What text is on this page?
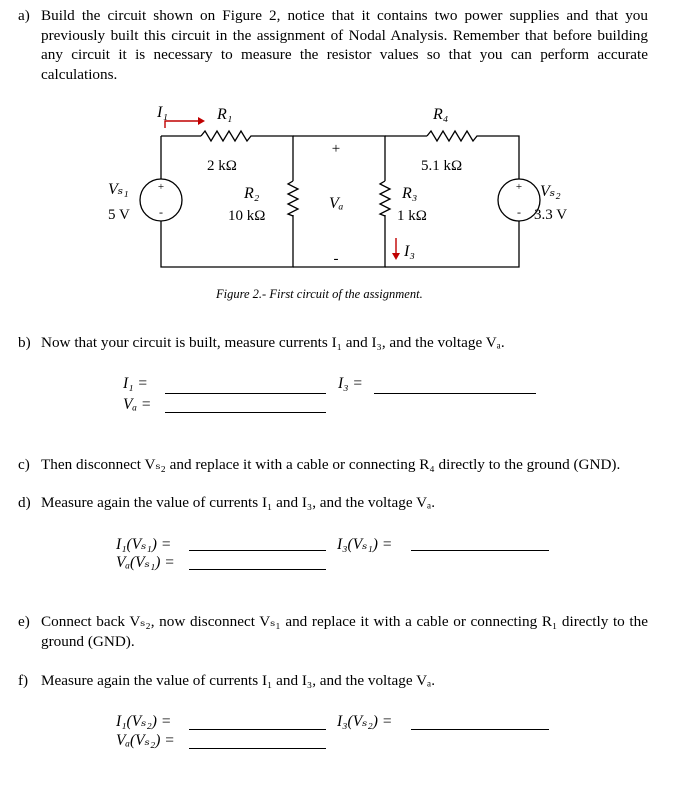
a) Build the circuit shown on Figure 2, notice that it contains two power supplies and that you previously built this circuit in the assignment of Nodal Analysis. Remember that before building any circuit it is necessary to measure the resistor values so that you can perform accurate calculations.
+
-
+
-
I₁	R₁
2 kΩ
R₄
5.1 kΩ
Vₛ₁
5 V
R₂
10 kΩ
+
Vₐ
-
R₃
1 kΩ
I₃
Vₛ₂
3.3 V
Figure 2.- First circuit of the assignment.
b) Now that your circuit is built, measure currents I₁ and I₃, and the voltage Vₐ.
I₁ =	I₃ =
Vₐ =
c) Then disconnect Vₛ₂ and replace it with a cable or connecting R₄ directly to the ground (GND).
d) Measure again the value of currents I₁ and I₃, and the voltage Vₐ.
I₁(Vₛ₁) =	I₃(Vₛ₁) =
Vₐ(Vₛ₁) =
e) Connect back Vₛ₂, now disconnect Vₛ₁ and replace it with a cable or connecting R₁ directly to the ground (GND).
f) Measure again the value of currents I₁ and I₃, and the voltage Vₐ.
I₁(Vₛ₂) =	I₃(Vₛ₂) =
Vₐ(Vₛ₂) =
